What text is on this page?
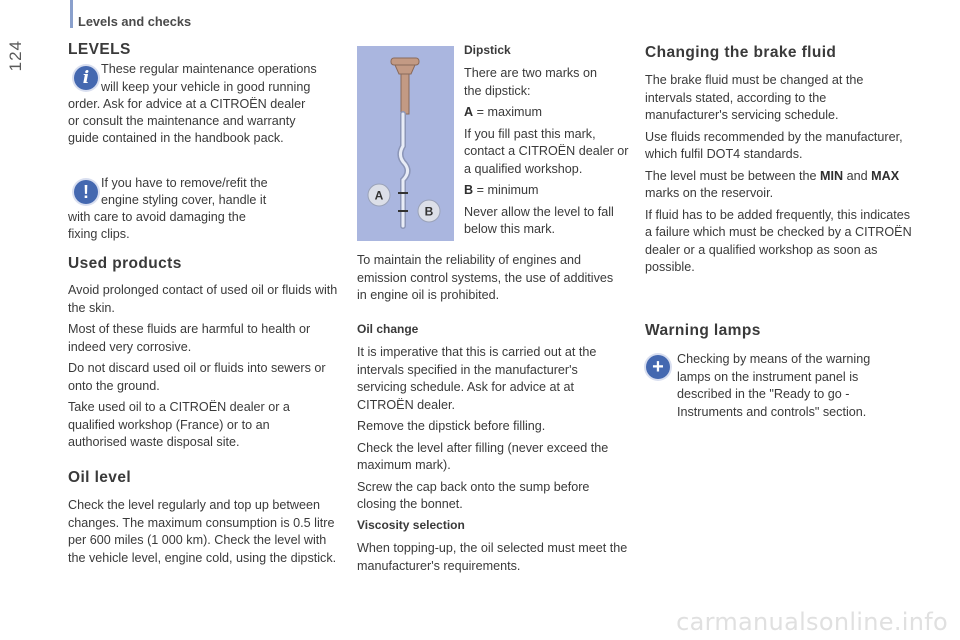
Levels and checks
124	LEVELS
i These regular maintenance operations
will keep your vehicle in good running
order. Ask for advice at a CITROËN dealer
or consult the maintenance and warranty
guide contained in the handbook pack.
! If you have to remove/refit the
engine styling cover, handle it
with care to avoid damaging the
fixing clips.
Used products

Avoid prolonged contact of used oil or fluids with the skin.

Most of these fluids are harmful to health or indeed very corrosive.

Do not discard used oil or fluids into sewers or onto the ground.

Take used oil to a CITROËN dealer or a qualified workshop (France) or to an authorised waste disposal site.

Oil level

Check the level regularly and top up between changes. The maximum consumption is 0.5 litre per 600 miles (1 000 km). Check the level with the vehicle level, engine cold, using the dipstick.

A
B

Dipstick

There are two marks on the dipstick:

A = maximum

If you fill past this mark, contact a CITROËN dealer or a qualified workshop.

B = minimum

Never allow the level to fall below this mark.

To maintain the reliability of engines and emission control systems, the use of additives in engine oil is prohibited.

Oil change

It is imperative that this is carried out at the intervals specified in the manufacturer's servicing schedule. Ask for advice at at CITROËN dealer.

Remove the dipstick before filling.

Check the level after filling (never exceed the maximum mark).

Screw the cap back onto the sump before closing the bonnet.

Viscosity selection

When topping-up, the oil selected must meet the manufacturer's requirements.

Changing the brake fluid

The brake fluid must be changed at the intervals stated, according to the manufacturer's servicing schedule.

Use fluids recommended by the manufacturer, which fulfil DOT4 standards.

The level must be between the MIN and MAX marks on the reservoir.

If fluid has to be added frequently, this indicates a failure which must be checked by a CITROËN dealer or a qualified workshop as soon as possible.

Warning lamps
+	Checking by means of the warning lamps on the instrument panel is described in the "Ready to go - Instruments and controls" section.

carmanualsonline.info
